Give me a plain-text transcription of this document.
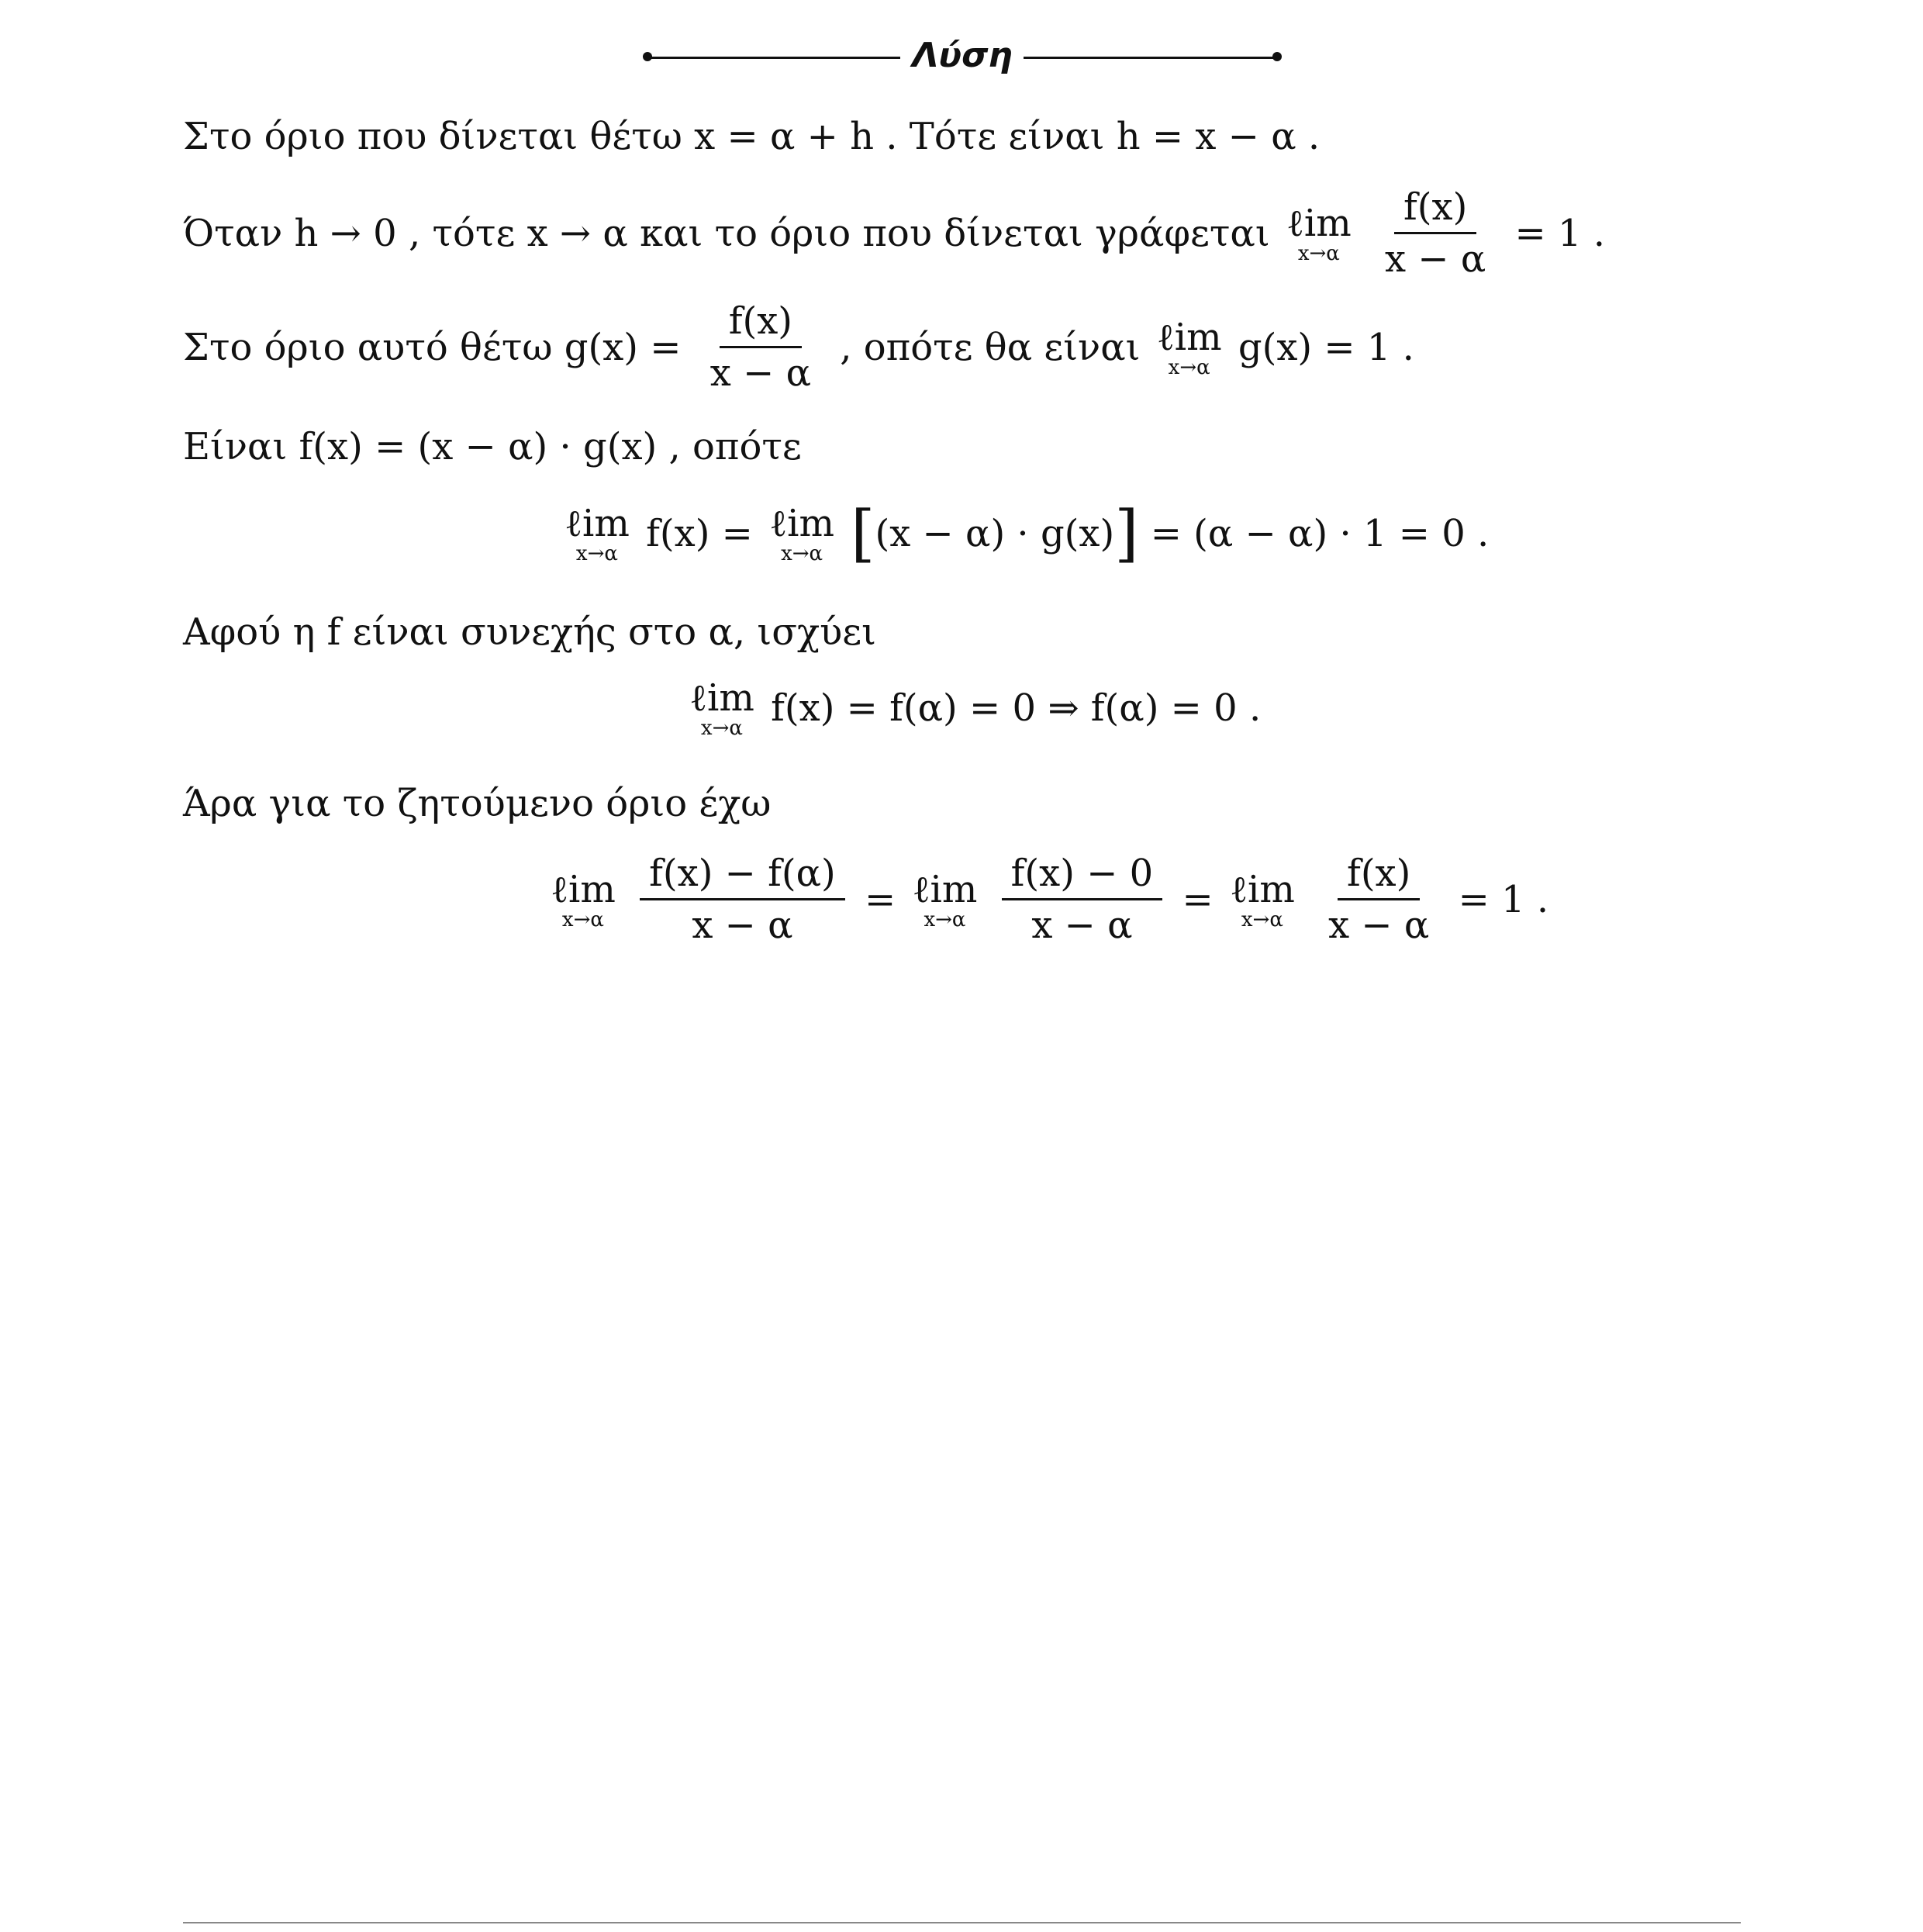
Λύση
Στο όριο που δίνεται θέτω x = α + h . Τότε είναι h = x − α .
Όταν h → 0 , τότε x → α και το όριο που δίνεται γράφεται ℓim
x→α
$\frac{f(x)}{x - \alpha} = 1$ .
Στο όριο αυτό θέτω $g(x) = \frac{f(x)}{x - \alpha}$ , οπότε θα είναι ℓim
x→α g(x) = 1 .
Είναι f(x) = (x − α) · g(x) , οπότε
ℓim
x→α f(x) = ℓim
x→α [(x − α) · g(x)] = (α − α) · 1 = 0 .
Αφού η f είναι συνεχής στο α, ισχύει
ℓim
x→α f(x) = f(α) = 0 ⇒ f(α) = 0 .
Άρα για το ζητούμενο όριο έχω
ℓim
x→α
$\frac{f(x) - f(\alpha)}{x - \alpha}$ = ℓim
x→α
$\frac{f(x) - 0}{x - \alpha}$ = ℓim
x→α
$\frac{f(x)}{x - \alpha} = 1$ .
